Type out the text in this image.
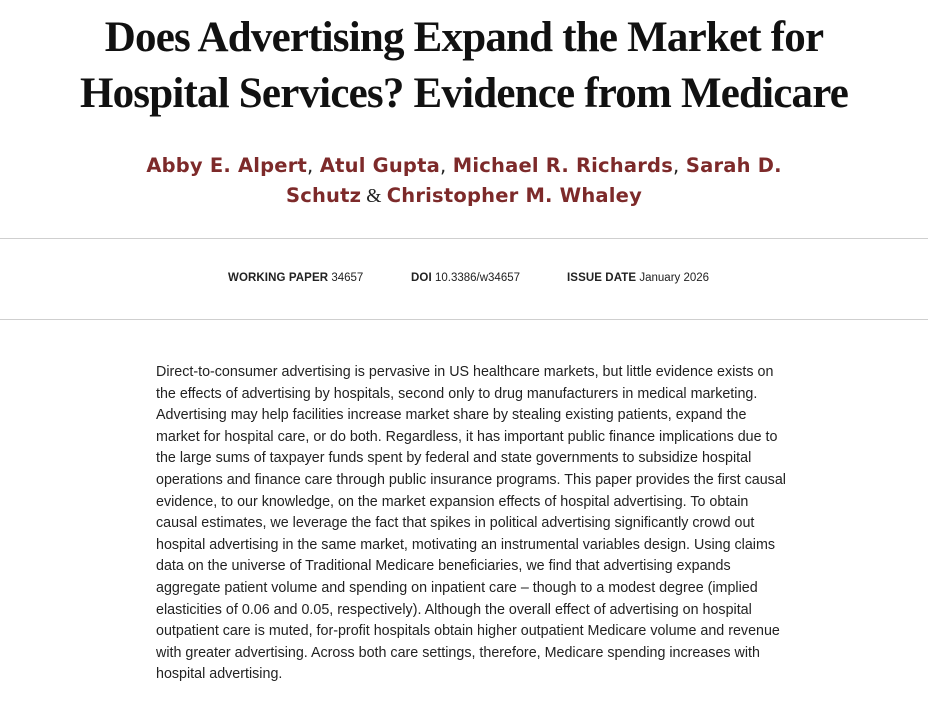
Does Advertising Expand the Market for
Hospital Services? Evidence from Medicare
Abby E. Alpert, Atul Gupta, Michael R. Richards, Sarah D. Schutz & Christopher M. Whaley
WORKING PAPER 34657	DOI 10.3386/w34657	ISSUE DATE January 2026

Direct-to-consumer advertising is pervasive in US healthcare markets, but little evidence exists on the effects of advertising by hospitals, second only to drug manufacturers in medical marketing. Advertising may help facilities increase market share by stealing existing patients, expand the market for hospital care, or do both. Regardless, it has important public finance implications due to the large sums of taxpayer funds spent by federal and state governments to subsidize hospital operations and finance care through public insurance programs. This paper provides the first causal evidence, to our knowledge, on the market expansion effects of hospital advertising. To obtain causal estimates, we leverage the fact that spikes in political advertising significantly crowd out hospital advertising in the same market, motivating an instrumental variables design. Using claims data on the universe of Traditional Medicare beneficiaries, we find that advertising expands aggregate patient volume and spending on inpatient care – though to a modest degree (implied elasticities of 0.06 and 0.05, respectively). Although the overall effect of advertising on hospital outpatient care is muted, for-profit hospitals obtain higher outpatient Medicare volume and revenue with greater advertising. Across both care settings, therefore, Medicare spending increases with hospital advertising.
